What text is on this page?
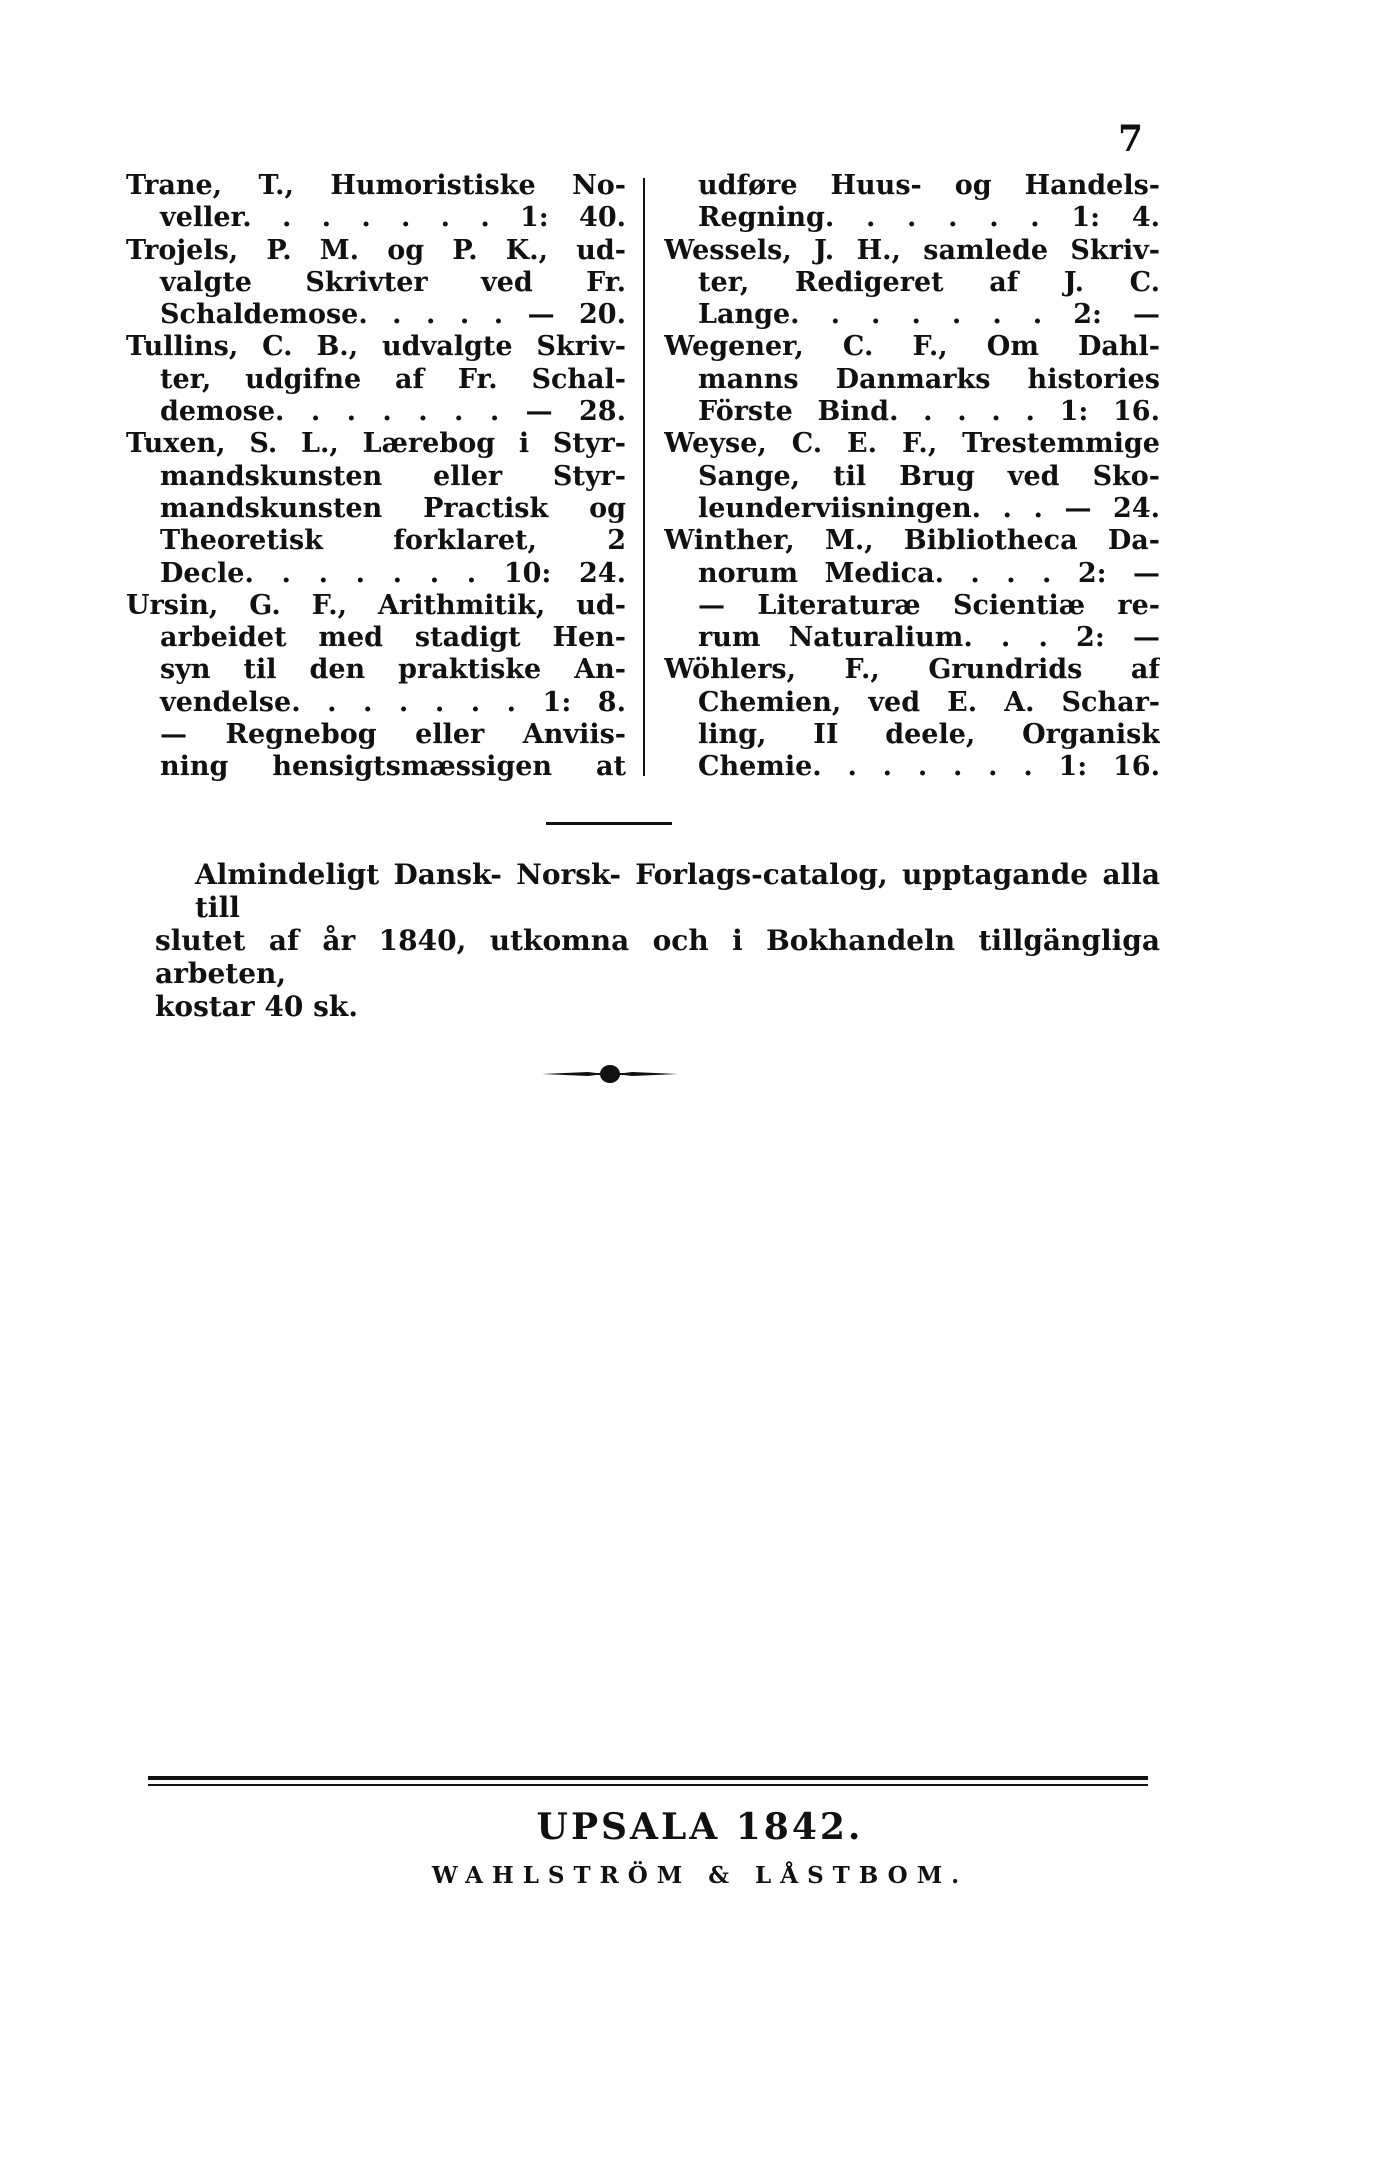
7
Trane, T., Humoristiske No-
veller. . . . . . . 1: 40.
Trojels, P. M. og P. K., ud-
valgte Skrivter ved Fr.
Schaldemose. . . . . — 20.
Tullins, C. B., udvalgte Skriv-
ter, udgifne af Fr. Schal-
demose. . . . . . . — 28.
Tuxen, S. L., Lærebog i Styr-
mandskunsten eller Styr-
mandskunsten Practisk og
Theoretisk forklaret, 2
Decle. . . . . . . 10: 24.
Ursin, G. F., Arithmitik, ud-
arbeidet med stadigt Hen-
syn til den praktiske An-
vendelse. . . . . . . 1: 8.
— Regnebog eller Anviis-
ning hensigtsmæssigen at
udføre Huus- og Handels-
Regning. . . . . . 1: 4.
Wessels, J. H., samlede Skriv-
ter, Redigeret af J. C.
Lange. . . . . . . 2: —
Wegener, C. F., Om Dahl-
manns Danmarks histories
Förste Bind. . . . . 1: 16.
Weyse, C. E. F., Trestemmige
Sange, til Brug ved Sko-
leunderviisningen. . . — 24.
Winther, M., Bibliotheca Da-
norum Medica. . . . 2: —
— Literaturæ Scientiæ re-
rum Naturalium. . . 2: —
Wöhlers, F., Grundrids af
Chemien, ved E. A. Schar-
ling, II deele, Organisk
Chemie. . . . . . . 1: 16.
Almindeligt Dansk- Norsk- Forlags-catalog, upptagande alla till
slutet af år 1840, utkomna och i Bokhandeln tillgängliga arbeten,
kostar 40 sk.
UPSALA 1842.
WAHLSTRÖM & LÅSTBOM.
